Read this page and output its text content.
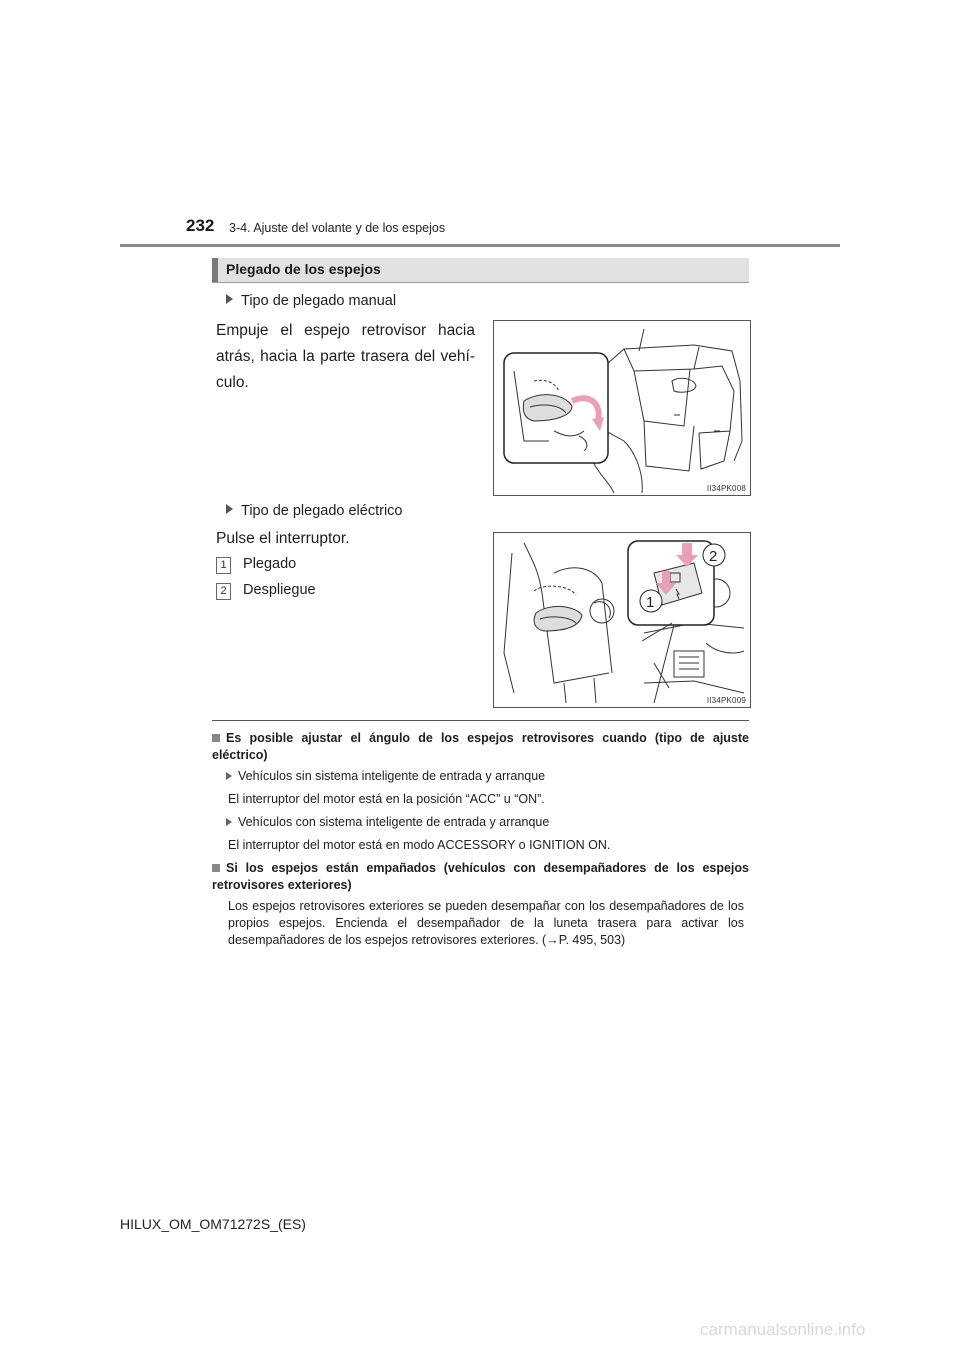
232 3-4. Ajuste del volante y de los espejos
Plegado de los espejos
Tipo de plegado manual
Empuje el espejo retrovisor hacia atrás, hacia la parte trasera del vehí-culo.
II34PK008
Tipo de plegado eléctrico
Pulse el interruptor.
1 Plegado
2 Despliegue
2
1
II34PK009
Es posible ajustar el ángulo de los espejos retrovisores cuando (tipo de ajuste eléctrico)
Vehículos sin sistema inteligente de entrada y arranque
El interruptor del motor está en la posición “ACC” u “ON”.
Vehículos con sistema inteligente de entrada y arranque
El interruptor del motor está en modo ACCESSORY o IGNITION ON.
Si los espejos están empañados (vehículos con desempañadores de los espejos retrovisores exteriores)
Los espejos retrovisores exteriores se pueden desempañar con los desempañadores de los propios espejos. Encienda el desempañador de la luneta trasera para activar los desempañadores de los espejos retrovisores exteriores. (→P. 495, 503)
HILUX_OM_OM71272S_(ES)
carmanualsonline.info
